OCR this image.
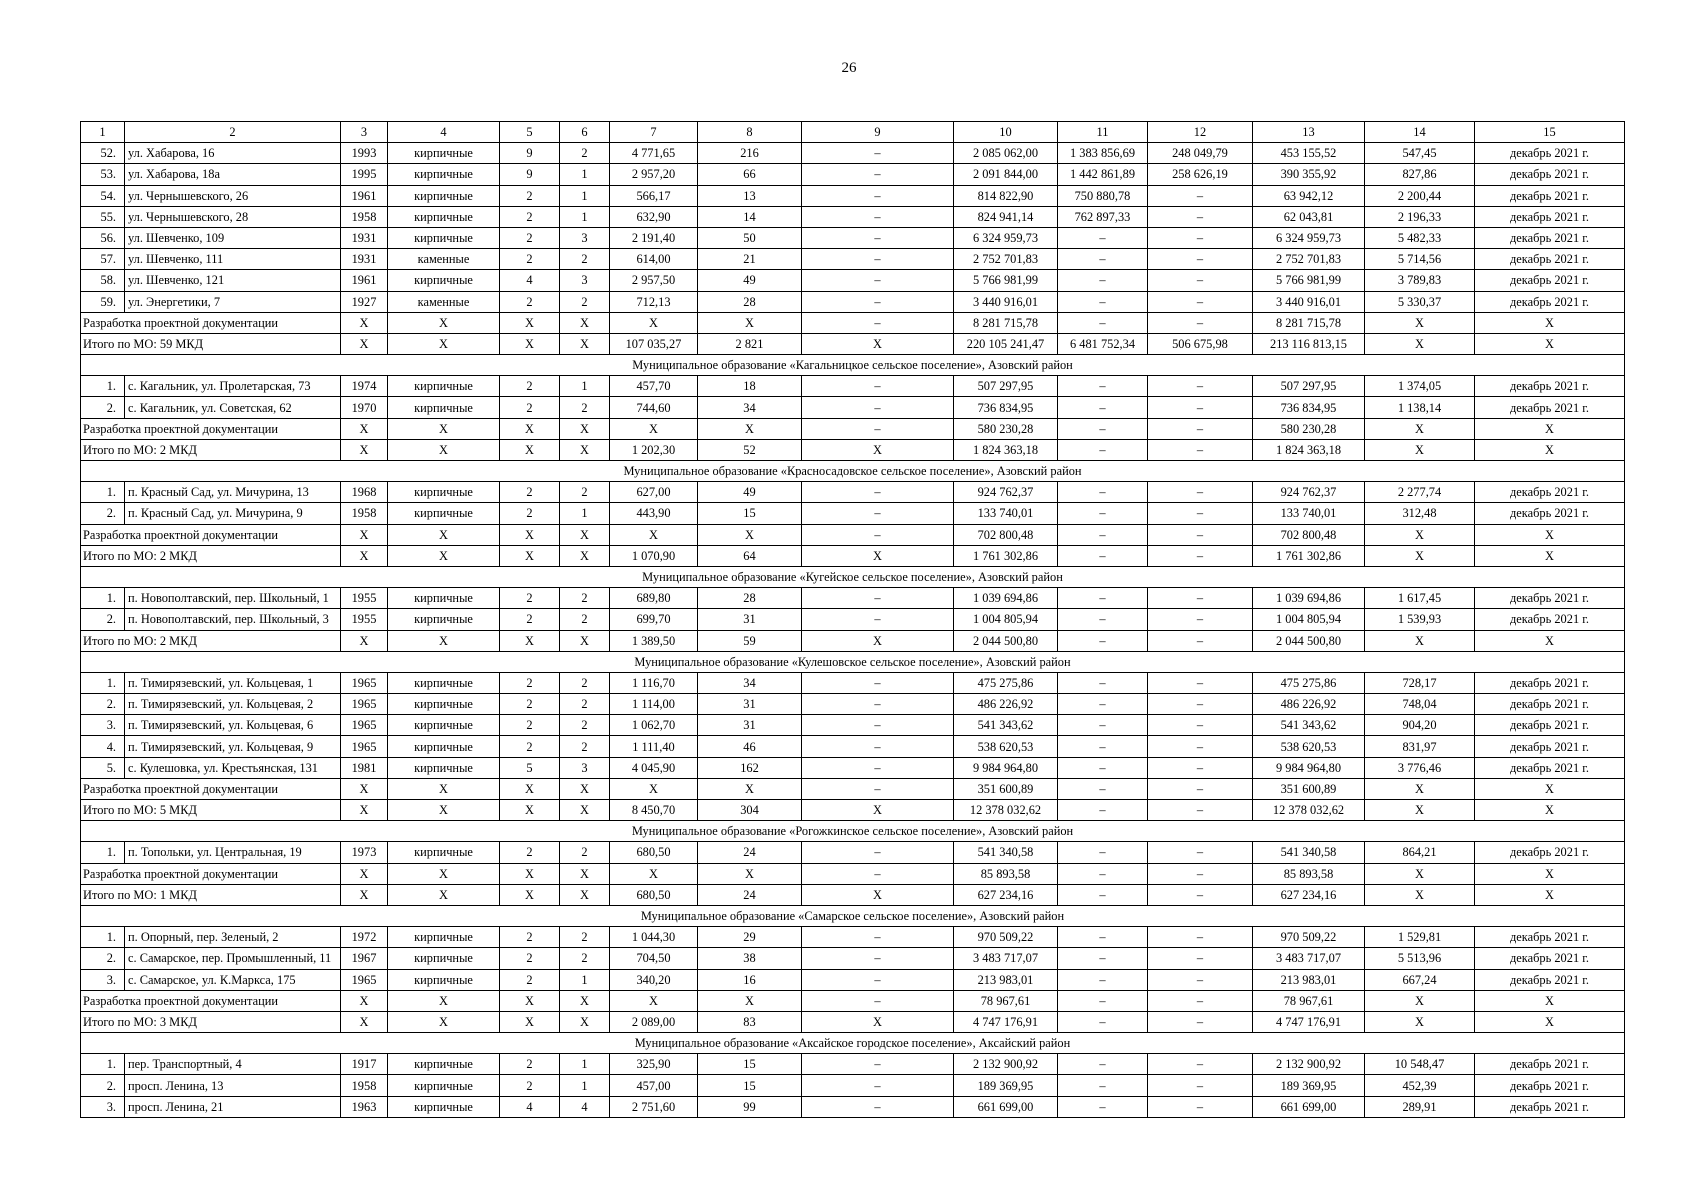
26
1	2	3	4	5	6	7	8	9	10	11	12	13	14	15
52.	ул. Хабарова, 16	1993	кирпичные	9	2	4 771,65	216	–	2 085 062,00	1 383 856,69	248 049,79	453 155,52	547,45	декабрь 2021 г.
53.	ул. Хабарова, 18а	1995	кирпичные	9	1	2 957,20	66	–	2 091 844,00	1 442 861,89	258 626,19	390 355,92	827,86	декабрь 2021 г.
54.	ул. Чернышевского, 26	1961	кирпичные	2	1	566,17	13	–	814 822,90	750 880,78	–	63 942,12	2 200,44	декабрь 2021 г.
55.	ул. Чернышевского, 28	1958	кирпичные	2	1	632,90	14	–	824 941,14	762 897,33	–	62 043,81	2 196,33	декабрь 2021 г.
56.	ул. Шевченко, 109	1931	кирпичные	2	3	2 191,40	50	–	6 324 959,73	–	–	6 324 959,73	5 482,33	декабрь 2021 г.
57.	ул. Шевченко, 111	1931	каменные	2	2	614,00	21	–	2 752 701,83	–	–	2 752 701,83	5 714,56	декабрь 2021 г.
58.	ул. Шевченко, 121	1961	кирпичные	4	3	2 957,50	49	–	5 766 981,99	–	–	5 766 981,99	3 789,83	декабрь 2021 г.
59.	ул. Энергетики, 7	1927	каменные	2	2	712,13	28	–	3 440 916,01	–	–	3 440 916,01	5 330,37	декабрь 2021 г.
Разработка проектной документации		X	X	X	X	X	X	–	8 281 715,78	–	–	8 281 715,78	X	X
Итого по МО: 59 МКД		X	X	X	X	107 035,27	2 821	X	220 105 241,47	6 481 752,34	506 675,98	213 116 813,15	X	X
Муниципальное образование «Кагальницкое сельское поселение», Азовский район														
1.	с. Кагальник, ул. Пролетарская, 73	1974	кирпичные	2	1	457,70	18	–	507 297,95	–	–	507 297,95	1 374,05	декабрь 2021 г.
2.	с. Кагальник, ул. Советская, 62	1970	кирпичные	2	2	744,60	34	–	736 834,95	–	–	736 834,95	1 138,14	декабрь 2021 г.
Разработка проектной документации		X	X	X	X	X	X	–	580 230,28	–	–	580 230,28	X	X
Итого по МО: 2 МКД		X	X	X	X	1 202,30	52	X	1 824 363,18	–	–	1 824 363,18	X	X
Муниципальное образование «Красносадовское сельское поселение», Азовский район														
1.	п. Красный Сад, ул. Мичурина, 13	1968	кирпичные	2	2	627,00	49	–	924 762,37	–	–	924 762,37	2 277,74	декабрь 2021 г.
2.	п. Красный Сад, ул. Мичурина, 9	1958	кирпичные	2	1	443,90	15	–	133 740,01	–	–	133 740,01	312,48	декабрь 2021 г.
Разработка проектной документации		X	X	X	X	X	X	–	702 800,48	–	–	702 800,48	X	X
Итого по МО: 2 МКД		X	X	X	X	1 070,90	64	X	1 761 302,86	–	–	1 761 302,86	X	X
Муниципальное образование «Кугейское сельское поселение», Азовский район														
1.	п. Новополтавский, пер. Школьный, 1	1955	кирпичные	2	2	689,80	28	–	1 039 694,86	–	–	1 039 694,86	1 617,45	декабрь 2021 г.
2.	п. Новополтавский, пер. Школьный, 3	1955	кирпичные	2	2	699,70	31	–	1 004 805,94	–	–	1 004 805,94	1 539,93	декабрь 2021 г.
Итого по МО: 2 МКД		X	X	X	X	1 389,50	59	X	2 044 500,80	–	–	2 044 500,80	X	X
Муниципальное образование «Кулешовское сельское поселение», Азовский район														
1.	п. Тимирязевский, ул. Кольцевая, 1	1965	кирпичные	2	2	1 116,70	34	–	475 275,86	–	–	475 275,86	728,17	декабрь 2021 г.
2.	п. Тимирязевский, ул. Кольцевая, 2	1965	кирпичные	2	2	1 114,00	31	–	486 226,92	–	–	486 226,92	748,04	декабрь 2021 г.
3.	п. Тимирязевский, ул. Кольцевая, 6	1965	кирпичные	2	2	1 062,70	31	–	541 343,62	–	–	541 343,62	904,20	декабрь 2021 г.
4.	п. Тимирязевский, ул. Кольцевая, 9	1965	кирпичные	2	2	1 111,40	46	–	538 620,53	–	–	538 620,53	831,97	декабрь 2021 г.
5.	с. Кулешовка, ул. Крестьянская, 131	1981	кирпичные	5	3	4 045,90	162	–	9 984 964,80	–	–	9 984 964,80	3 776,46	декабрь 2021 г.
Разработка проектной документации		X	X	X	X	X	X	–	351 600,89	–	–	351 600,89	X	X
Итого по МО: 5 МКД		X	X	X	X	8 450,70	304	X	12 378 032,62	–	–	12 378 032,62	X	X
Муниципальное образование «Рогожкинское сельское поселение», Азовский район														
1.	п. Топольки, ул. Центральная, 19	1973	кирпичные	2	2	680,50	24	–	541 340,58	–	–	541 340,58	864,21	декабрь 2021 г.
Разработка проектной документации		X	X	X	X	X	X	–	85 893,58	–	–	85 893,58	X	X
Итого по МО: 1 МКД		X	X	X	X	680,50	24	X	627 234,16	–	–	627 234,16	X	X
Муниципальное образование «Самарское сельское поселение», Азовский район														
1.	п. Опорный, пер. Зеленый, 2	1972	кирпичные	2	2	1 044,30	29	–	970 509,22	–	–	970 509,22	1 529,81	декабрь 2021 г.
2.	с. Самарское, пер. Промышленный, 11	1967	кирпичные	2	2	704,50	38	–	3 483 717,07	–	–	3 483 717,07	5 513,96	декабрь 2021 г.
3.	с. Самарское, ул. К.Маркса, 175	1965	кирпичные	2	1	340,20	16	–	213 983,01	–	–	213 983,01	667,24	декабрь 2021 г.
Разработка проектной документации		X	X	X	X	X	X	–	78 967,61	–	–	78 967,61	X	X
Итого по МО: 3 МКД		X	X	X	X	2 089,00	83	X	4 747 176,91	–	–	4 747 176,91	X	X
Муниципальное образование «Аксайское городское поселение», Аксайский район														
1.	пер. Транспортный, 4	1917	кирпичные	2	1	325,90	15	–	2 132 900,92	–	–	2 132 900,92	10 548,47	декабрь 2021 г.
2.	просп. Ленина, 13	1958	кирпичные	2	1	457,00	15	–	189 369,95	–	–	189 369,95	452,39	декабрь 2021 г.
3.	просп. Ленина, 21	1963	кирпичные	4	4	2 751,60	99	–	661 699,00	–	–	661 699,00	289,91	декабрь 2021 г.
